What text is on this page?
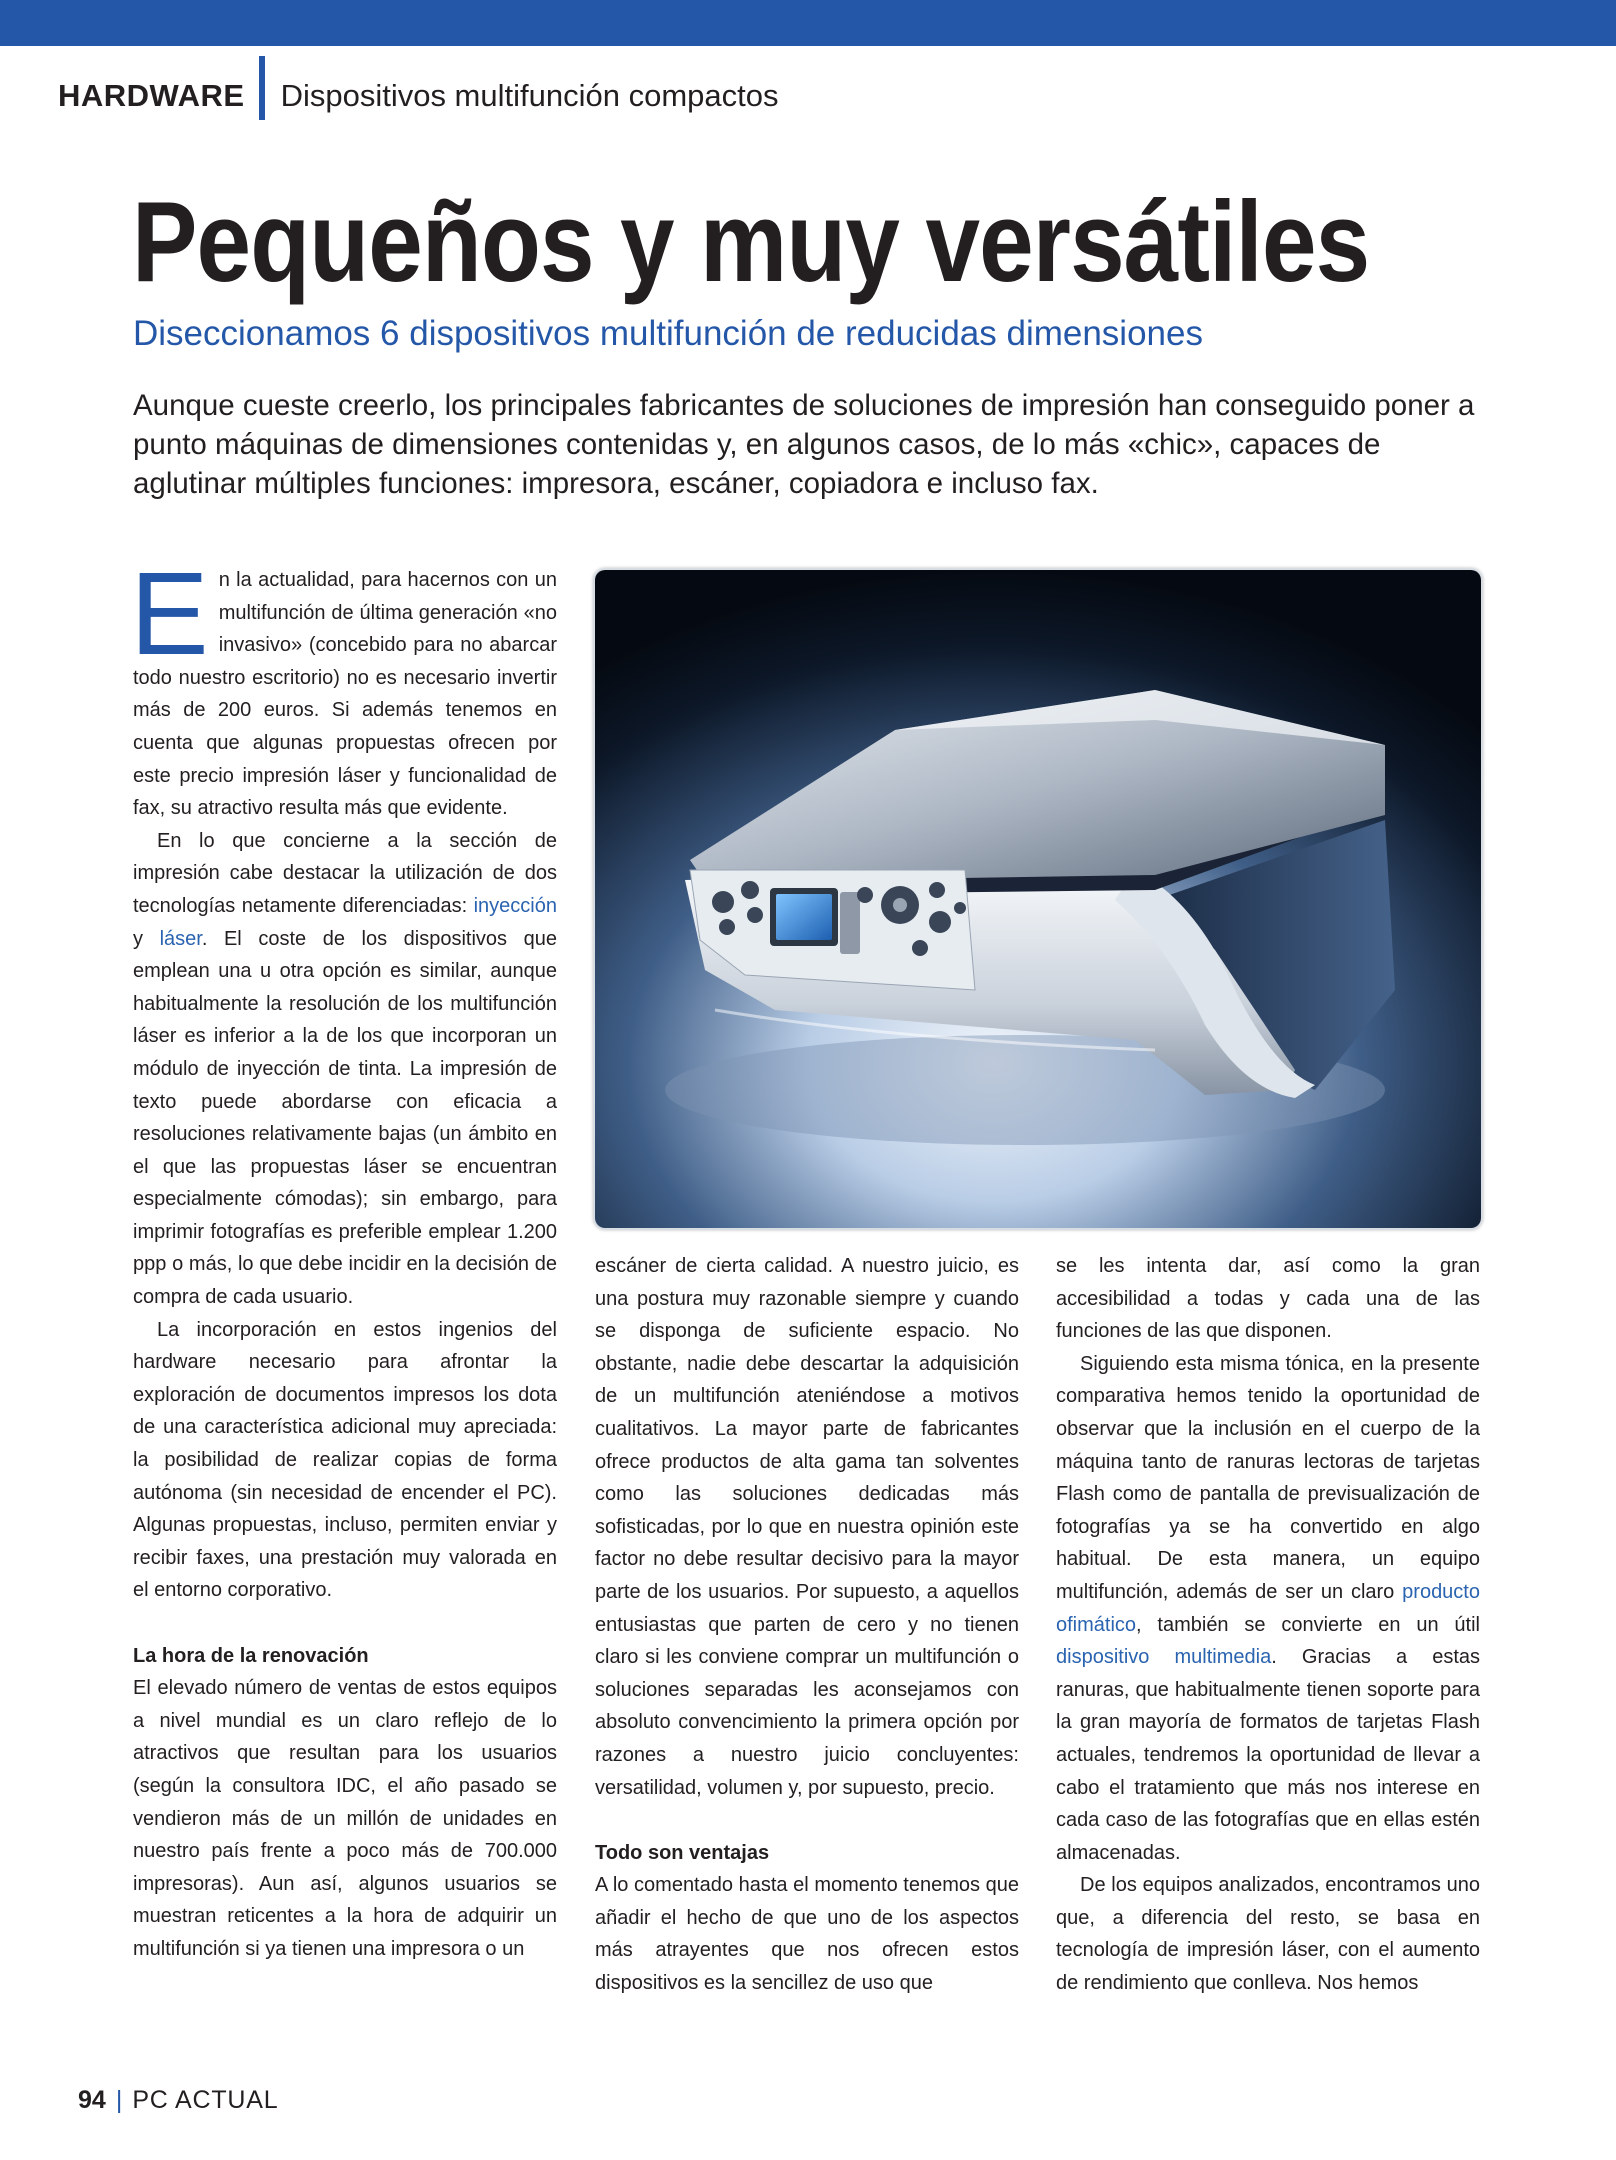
HARDWARE Dispositivos multifunción compactos
Pequeños y muy versátiles
Diseccionamos 6 dispositivos multifunción de reducidas dimensiones
Aunque cueste creerlo, los principales fabricantes de soluciones de impresión han conseguido poner a punto máquinas de dimensiones contenidas y, en algunos casos, de lo más «chic», capaces de aglutinar múltiples funciones: impresora, escáner, copiadora e incluso fax.

En la actualidad, para hacernos con un multifunción de última generación «no invasivo» (concebido para no abarcar todo nuestro escritorio) no es necesario invertir más de 200 euros. Si además tenemos en cuenta que algunas propuestas ofrecen por este precio impresión láser y funcionalidad de fax, su atractivo resulta más que evidente.

En lo que concierne a la sección de impresión cabe destacar la utilización de dos tecnologías netamente diferenciadas: inyección y láser. El coste de los dispositivos que emplean una u otra opción es similar, aunque habitualmente la resolución de los multifunción láser es inferior a la de los que incorporan un módulo de inyección de tinta. La impresión de texto puede abordarse con eficacia a resoluciones relativamente bajas (un ámbito en el que las propuestas láser se encuentran especialmente cómodas); sin embargo, para imprimir fotografías es preferible emplear 1.200 ppp o más, lo que debe incidir en la decisión de compra de cada usuario.

La incorporación en estos ingenios del hardware necesario para afrontar la exploración de documentos impresos los dota de una característica adicional muy apreciada: la posibilidad de realizar copias de forma autónoma (sin necesidad de encender el PC). Algunas propuestas, incluso, permiten enviar y recibir faxes, una prestación muy valorada en el entorno corporativo.

La hora de la renovación

El elevado número de ventas de estos equipos a nivel mundial es un claro reflejo de lo atractivos que resultan para los usuarios (según la consultora IDC, el año pasado se vendieron más de un millón de unidades en nuestro país frente a poco más de 700.000 impresoras). Aun así, algunos usuarios se muestran reticentes a la hora de adquirir un multifunción si ya tienen una impresora o un

escáner de cierta calidad. A nuestro juicio, es una postura muy razonable siempre y cuando se disponga de suficiente espacio. No obstante, nadie debe descartar la adquisición de un multifunción ateniéndose a motivos cualitativos. La mayor parte de fabricantes ofrece productos de alta gama tan solventes como las soluciones dedicadas más sofisticadas, por lo que en nuestra opinión este factor no debe resultar decisivo para la mayor parte de los usuarios. Por supuesto, a aquellos entusiastas que parten de cero y no tienen claro si les conviene comprar un multifunción o soluciones separadas les aconsejamos con absoluto convencimiento la primera opción por razones a nuestro juicio concluyentes: versatilidad, volumen y, por supuesto, precio.

Todo son ventajas

A lo comentado hasta el momento tenemos que añadir el hecho de que uno de los aspectos más atrayentes que nos ofrecen estos dispositivos es la sencillez de uso que

se les intenta dar, así como la gran accesibilidad a todas y cada una de las funciones de las que disponen.

Siguiendo esta misma tónica, en la presente comparativa hemos tenido la oportunidad de observar que la inclusión en el cuerpo de la máquina tanto de ranuras lectoras de tarjetas Flash como de pantalla de previsualización de fotografías ya se ha convertido en algo habitual. De esta manera, un equipo multifunción, además de ser un claro producto ofimático, también se convierte en un útil dispositivo multimedia. Gracias a estas ranuras, que habitualmente tienen soporte para la gran mayoría de formatos de tarjetas Flash actuales, tendremos la oportunidad de llevar a cabo el tratamiento que más nos interese en cada caso de las fotografías que en ellas estén almacenadas.

De los equipos analizados, encontramos uno que, a diferencia del resto, se basa en tecnología de impresión láser, con el aumento de rendimiento que conlleva. Nos hemos

94 | PC ACTUAL
